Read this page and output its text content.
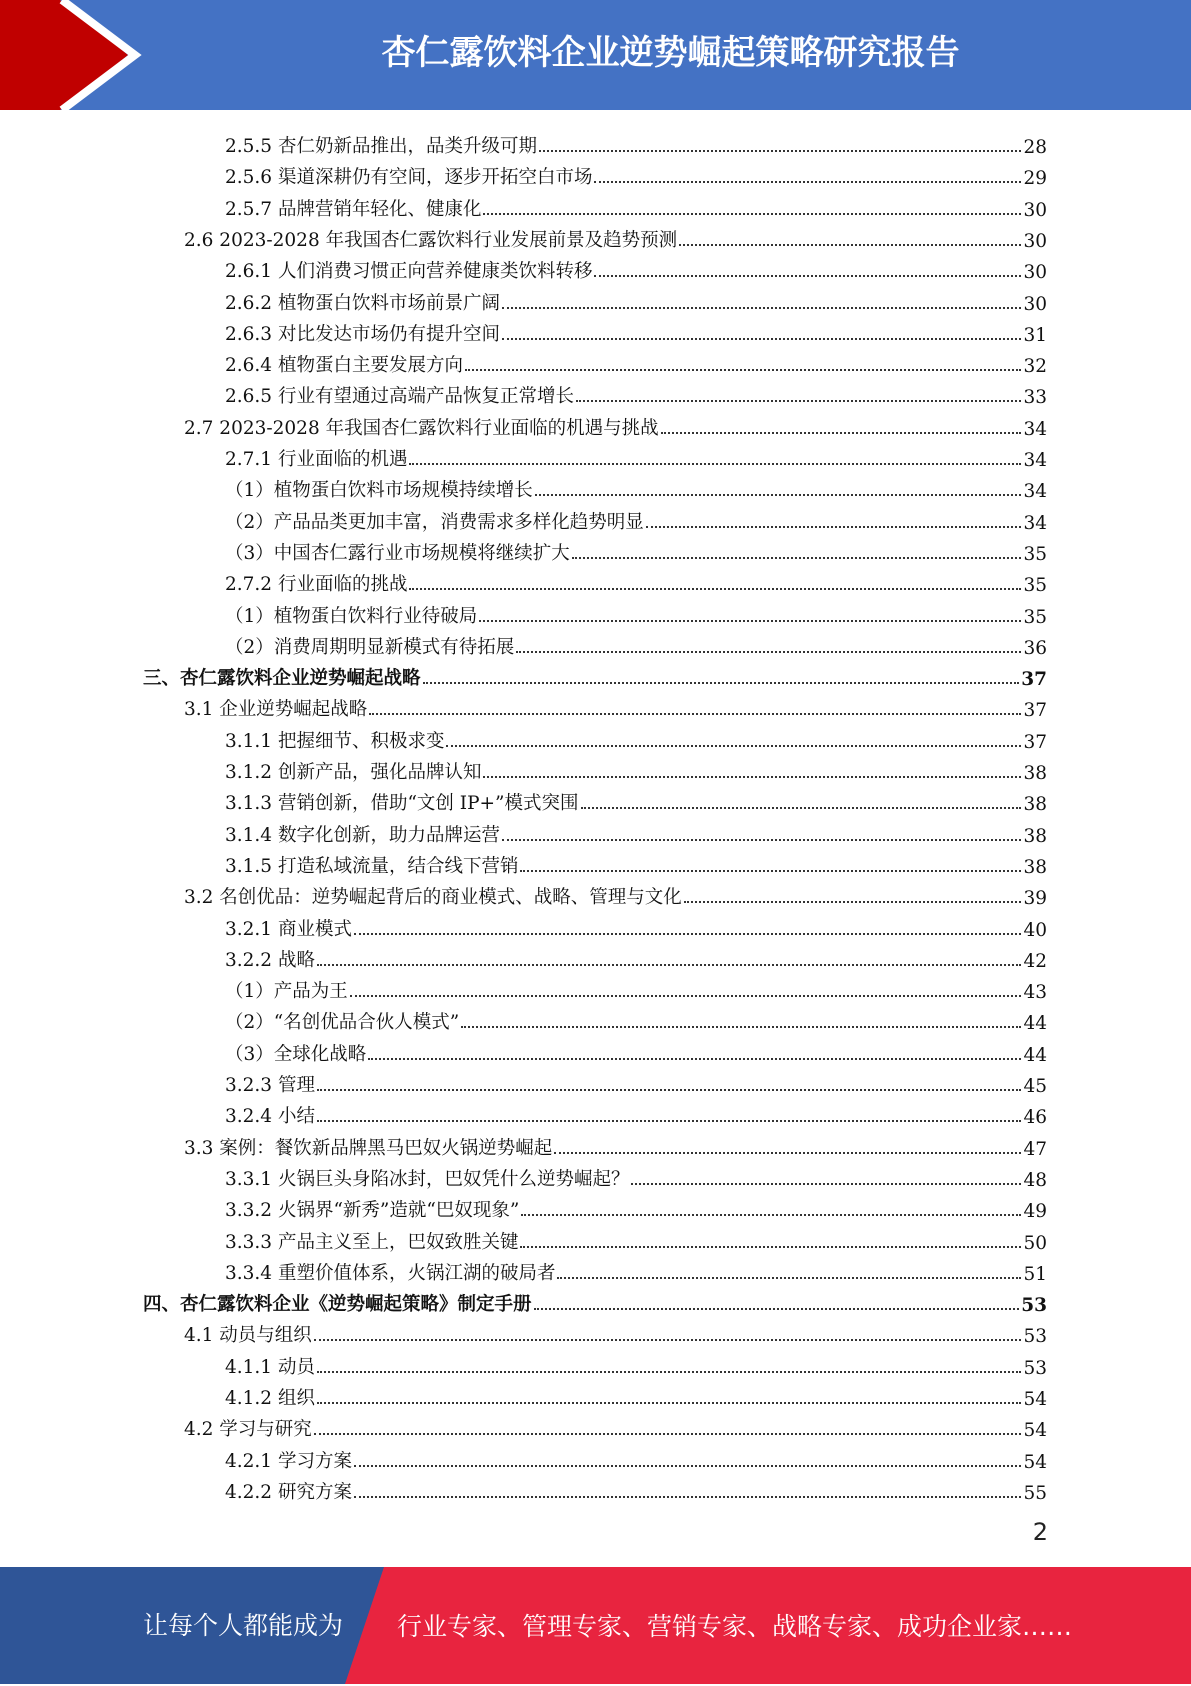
杏仁露饮料企业逆势崛起策略研究报告
2.5.5 杏仁奶新品推出，品类升级可期	28
2.5.6 渠道深耕仍有空间，逐步开拓空白市场	29
2.5.7 品牌营销年轻化、健康化	30
2.6 2023-2028 年我国杏仁露饮料行业发展前景及趋势预测	30
2.6.1 人们消费习惯正向营养健康类饮料转移	30
2.6.2 植物蛋白饮料市场前景广阔	30
2.6.3 对比发达市场仍有提升空间	31
2.6.4 植物蛋白主要发展方向	32
2.6.5 行业有望通过高端产品恢复正常增长	33
2.7 2023-2028 年我国杏仁露饮料行业面临的机遇与挑战	34
2.7.1 行业面临的机遇	34
（1）植物蛋白饮料市场规模持续增长	34
（2）产品品类更加丰富，消费需求多样化趋势明显	34
（3）中国杏仁露行业市场规模将继续扩大	35
2.7.2 行业面临的挑战	35
（1）植物蛋白饮料行业待破局	35
（2）消费周期明显新模式有待拓展	36
三、杏仁露饮料企业逆势崛起战略	37
3.1 企业逆势崛起战略	37
3.1.1 把握细节、积极求变	37
3.1.2 创新产品，强化品牌认知	38
3.1.3 营销创新，借助“文创 IP+”模式突围	38
3.1.4 数字化创新，助力品牌运营	38
3.1.5 打造私域流量，结合线下营销	38
3.2 名创优品：逆势崛起背后的商业模式、战略、管理与文化	39
3.2.1 商业模式	40
3.2.2 战略	42
（1）产品为王	43
（2）“名创优品合伙人模式”	44
（3）全球化战略	44
3.2.3 管理	45
3.2.4 小结	46
3.3 案例：餐饮新品牌黑马巴奴火锅逆势崛起	47
3.3.1 火锅巨头身陷冰封，巴奴凭什么逆势崛起？	48
3.3.2 火锅界“新秀”造就“巴奴现象”	49
3.3.3 产品主义至上，巴奴致胜关键	50
3.3.4 重塑价值体系，火锅江湖的破局者	51
四、杏仁露饮料企业《逆势崛起策略》制定手册	53
4.1 动员与组织	53
4.1.1 动员	53
4.1.2 组织	54
4.2 学习与研究	54
4.2.1 学习方案	54
4.2.2 研究方案	55
2
让每个人都能成为 行业专家、管理专家、营销专家、战略专家、成功企业家……
